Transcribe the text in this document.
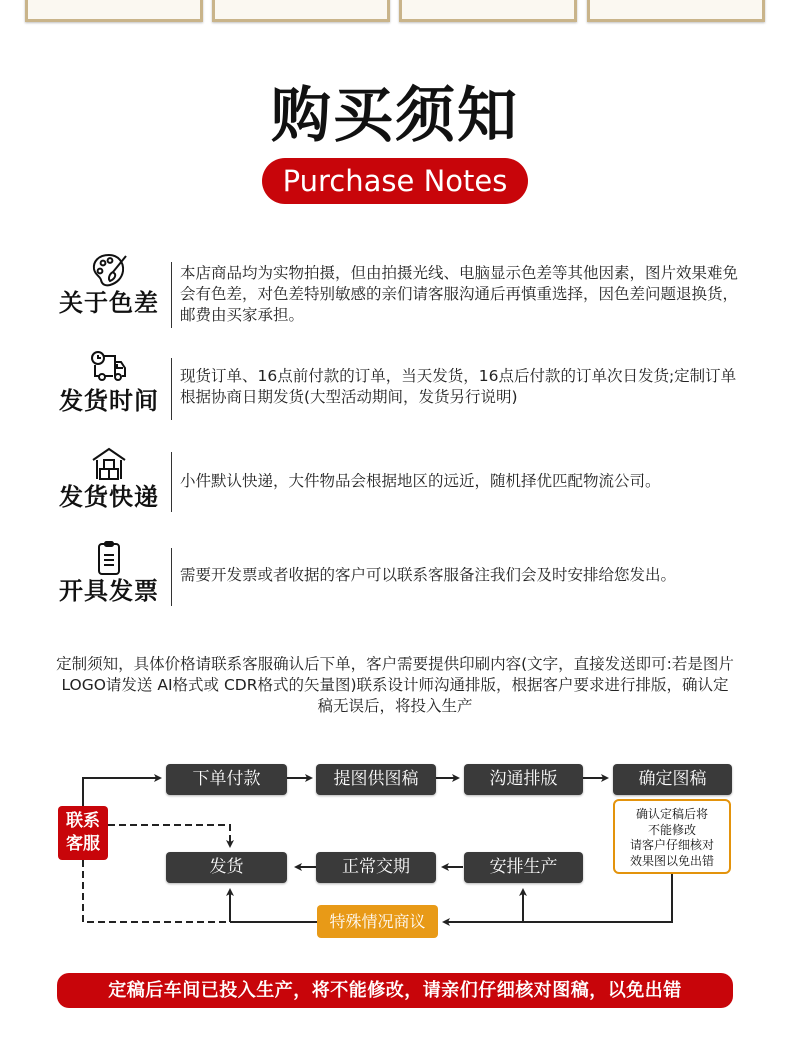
购买须知
Purchase Notes
关于色差
本店商品均为实物拍摄，但由拍摄光线、电脑显示色差等其他因素，图片效果难免会有色差，对色差特别敏感的亲们请客服沟通后再慎重选择，因色差问题退换货，邮费由买家承担。
发货时间
现货订单、16点前付款的订单，当天发货，16点后付款的订单次日发货;定制订单根据协商日期发货(大型活动期间，发货另行说明)
发货快递
小件默认快递，大件物品会根据地区的远近，随机择优匹配物流公司。
开具发票
需要开发票或者收据的客户可以联系客服备注我们会及时安排给您发出。
定制须知，具体价格请联系客服确认后下单，客户需要提供印刷内容(文字，直接发送即可:若是图片LOGO请发送 AI格式或 CDR格式的矢量图)联系设计师沟通排版，根据客户要求进行排版，确认定稿无误后，将投入生产
联系客服
下单付款	提图供图稿	沟通排版	确定图稿
确认定稿后将
不能修改
请客户仔细核对
效果图以免出错
发货	正常交期	安排生产
特殊情况商议
定稿后车间已投入生产，将不能修改，请亲们仔细核对图稿，以免出错
